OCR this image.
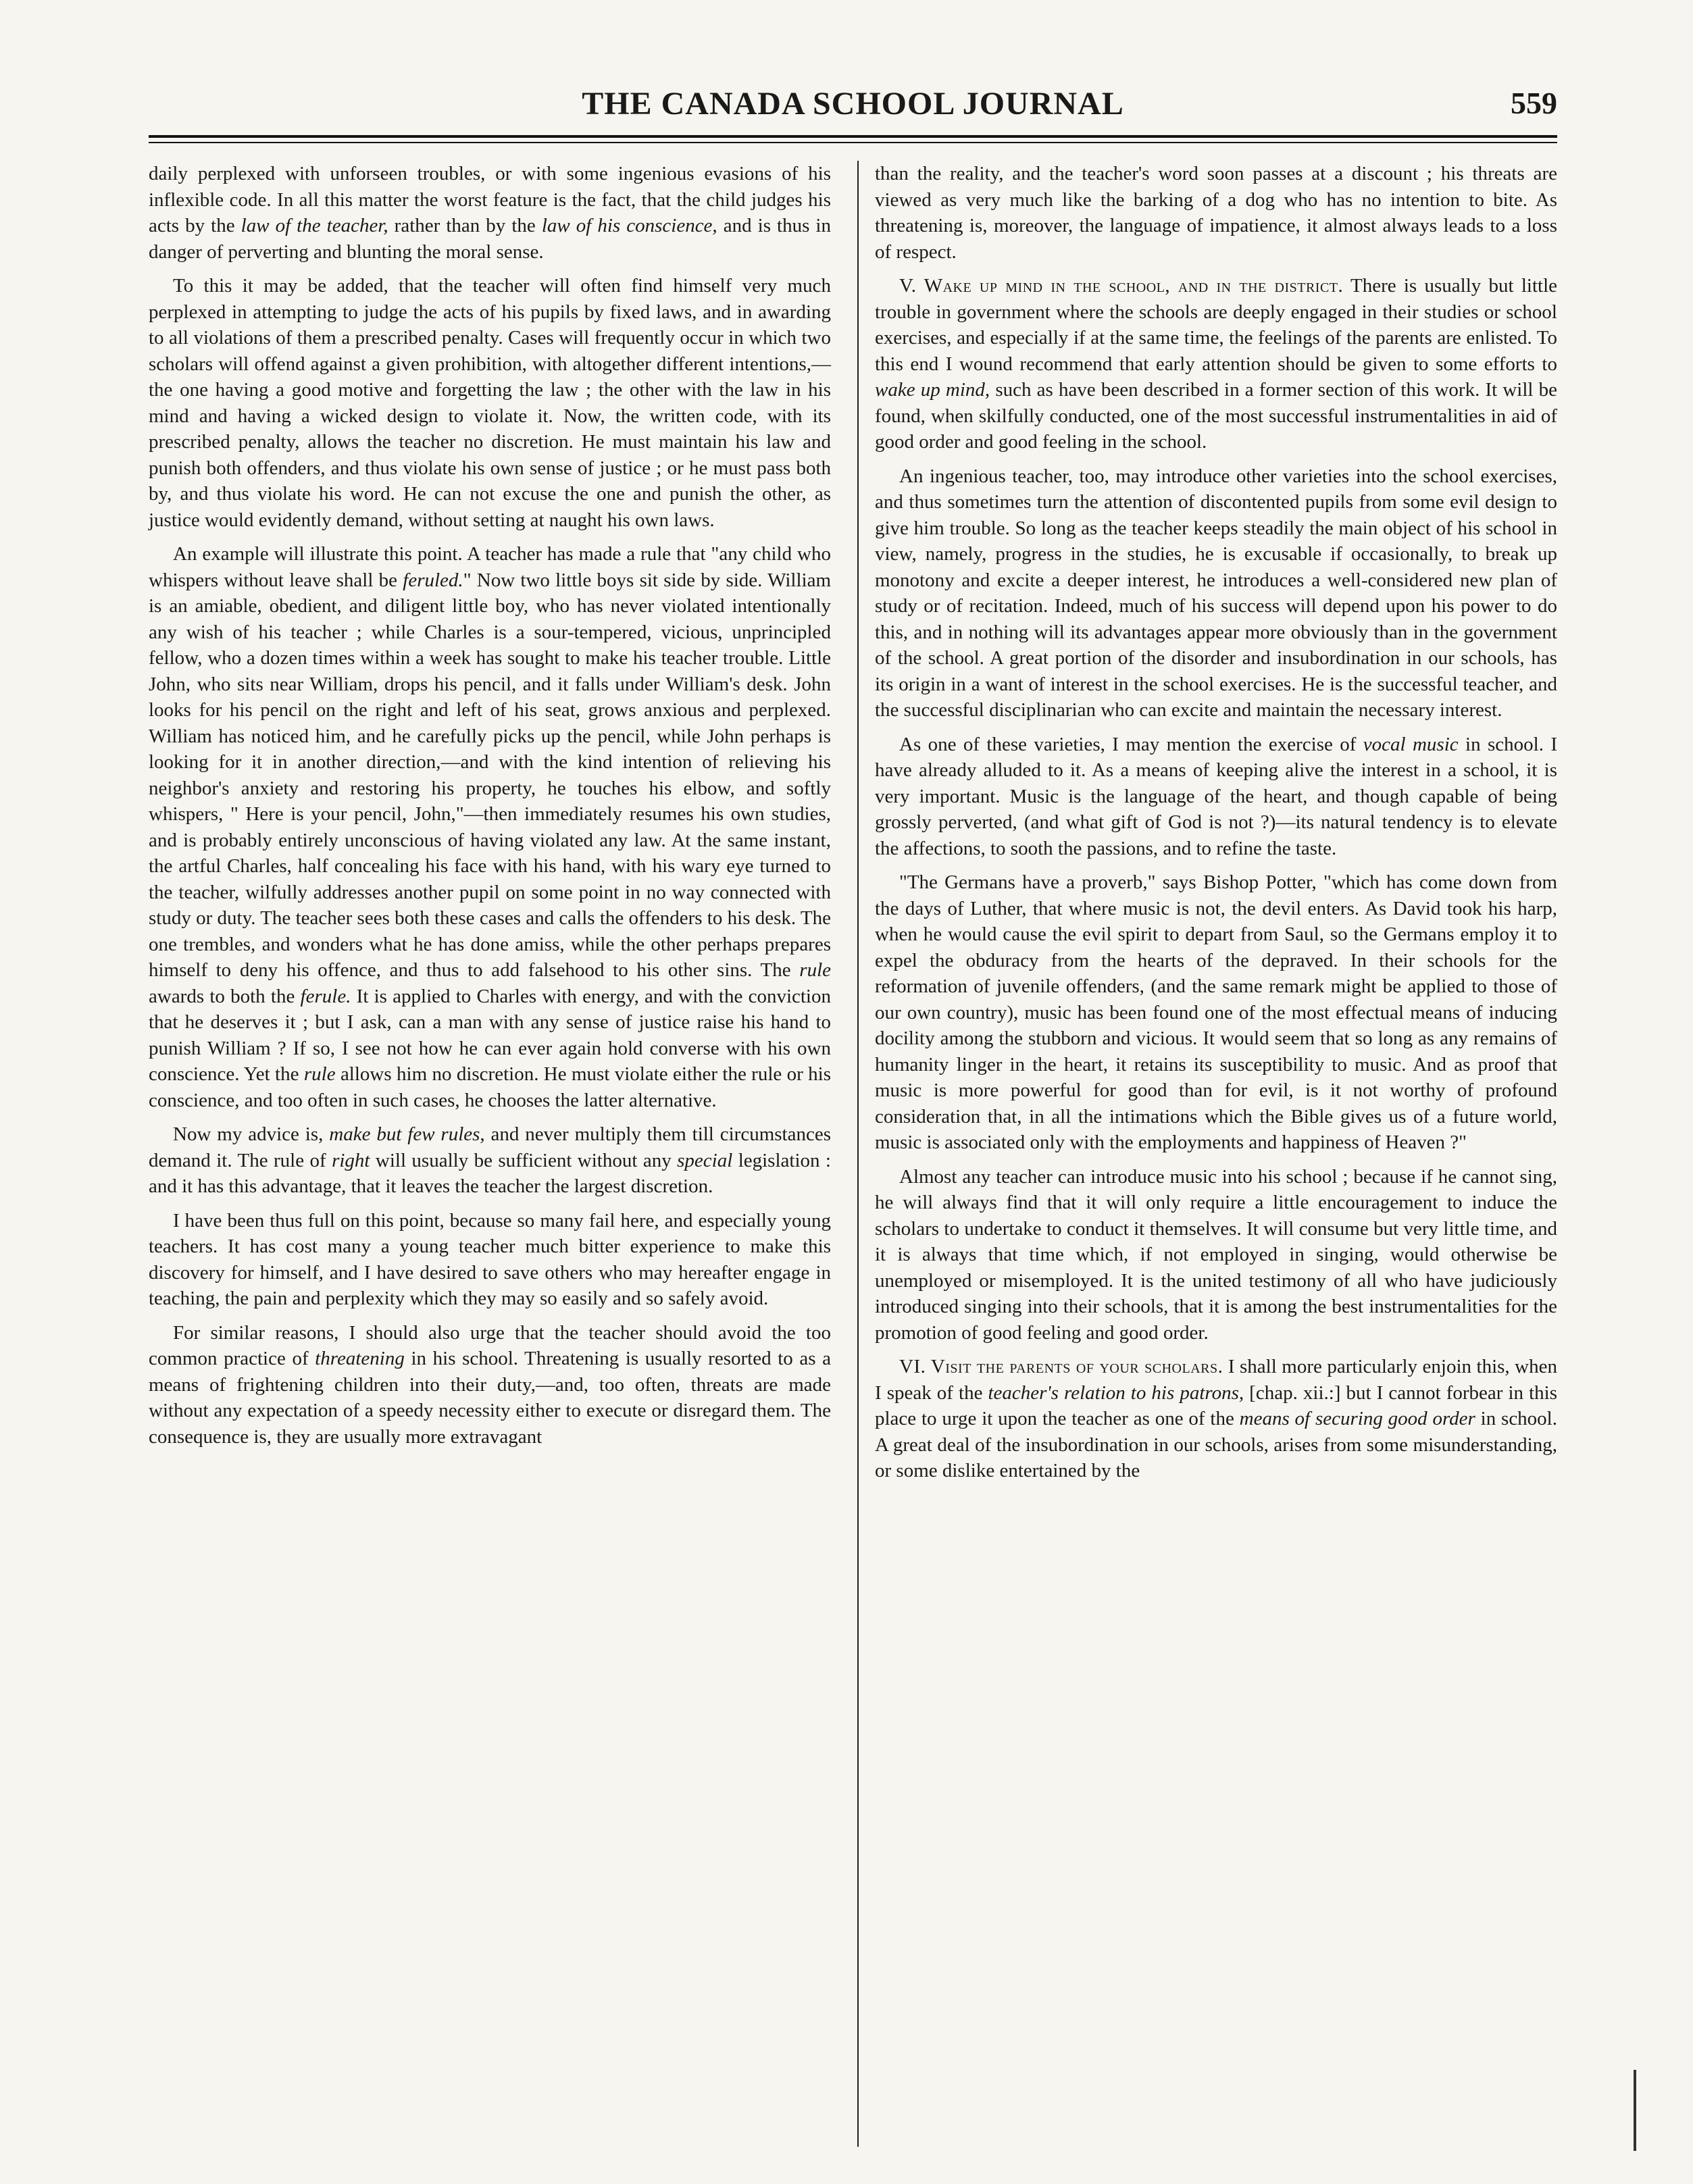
THE CANADA SCHOOL JOURNAL	559

daily perplexed with unforseen troubles, or with some ingenious evasions of his inflexible code. In all this matter the worst feature is the fact, that the child judges his acts by the law of the teacher, rather than by the law of his conscience, and is thus in danger of perverting and blunting the moral sense.

To this it may be added, that the teacher will often find himself very much perplexed in attempting to judge the acts of his pupils by fixed laws, and in awarding to all violations of them a prescribed penalty. Cases will frequently occur in which two scholars will offend against a given prohibition, with altogether different intentions,—the one having a good motive and forgetting the law ; the other with the law in his mind and having a wicked design to violate it. Now, the written code, with its prescribed penalty, allows the teacher no discretion. He must maintain his law and punish both offenders, and thus violate his own sense of justice ; or he must pass both by, and thus violate his word. He can not excuse the one and punish the other, as justice would evidently demand, without setting at naught his own laws.

An example will illustrate this point. A teacher has made a rule that "any child who whispers without leave shall be feruled." Now two little boys sit side by side. William is an amiable, obedient, and diligent little boy, who has never violated intentionally any wish of his teacher ; while Charles is a sour-tempered, vicious, unprincipled fellow, who a dozen times within a week has sought to make his teacher trouble. Little John, who sits near William, drops his pencil, and it falls under William's desk. John looks for his pencil on the right and left of his seat, grows anxious and perplexed. William has noticed him, and he carefully picks up the pencil, while John perhaps is looking for it in another direction,—and with the kind intention of relieving his neighbor's anxiety and restoring his property, he touches his elbow, and softly whispers, " Here is your pencil, John,"—then immediately resumes his own studies, and is probably entirely unconscious of having violated any law. At the same instant, the artful Charles, half concealing his face with his hand, with his wary eye turned to the teacher, wilfully addresses another pupil on some point in no way connected with study or duty. The teacher sees both these cases and calls the offenders to his desk. The one trembles, and wonders what he has done amiss, while the other perhaps prepares himself to deny his offence, and thus to add falsehood to his other sins. The rule awards to both the ferule. It is applied to Charles with energy, and with the conviction that he deserves it ; but I ask, can a man with any sense of justice raise his hand to punish William ? If so, I see not how he can ever again hold converse with his own conscience. Yet the rule allows him no discretion. He must violate either the rule or his conscience, and too often in such cases, he chooses the latter alternative.

Now my advice is, make but few rules, and never multiply them till circumstances demand it. The rule of right will usually be sufficient without any special legislation : and it has this advantage, that it leaves the teacher the largest discretion.

I have been thus full on this point, because so many fail here, and especially young teachers. It has cost many a young teacher much bitter experience to make this discovery for himself, and I have desired to save others who may hereafter engage in teaching, the pain and perplexity which they may so easily and so safely avoid.

For similar reasons, I should also urge that the teacher should avoid the too common practice of threatening in his school. Threatening is usually resorted to as a means of frightening children into their duty,—and, too often, threats are made without any expectation of a speedy necessity either to execute or disregard them. The consequence is, they are usually more extravagant

than the reality, and the teacher's word soon passes at a discount ; his threats are viewed as very much like the barking of a dog who has no intention to bite. As threatening is, moreover, the language of impatience, it almost always leads to a loss of respect.

V. Wake up mind in the school, and in the district. There is usually but little trouble in government where the schools are deeply engaged in their studies or school exercises, and especially if at the same time, the feelings of the parents are enlisted. To this end I wound recommend that early attention should be given to some efforts to wake up mind, such as have been described in a former section of this work. It will be found, when skilfully conducted, one of the most successful instrumentalities in aid of good order and good feeling in the school.

An ingenious teacher, too, may introduce other varieties into the school exercises, and thus sometimes turn the attention of discontented pupils from some evil design to give him trouble. So long as the teacher keeps steadily the main object of his school in view, namely, progress in the studies, he is excusable if occasionally, to break up monotony and excite a deeper interest, he introduces a well-considered new plan of study or of recitation. Indeed, much of his success will depend upon his power to do this, and in nothing will its advantages appear more obviously than in the government of the school. A great portion of the disorder and insubordination in our schools, has its origin in a want of interest in the school exercises. He is the successful teacher, and the successful disciplinarian who can excite and maintain the necessary interest.

As one of these varieties, I may mention the exercise of vocal music in school. I have already alluded to it. As a means of keeping alive the interest in a school, it is very important. Music is the language of the heart, and though capable of being grossly perverted, (and what gift of God is not ?)—its natural tendency is to elevate the affections, to sooth the passions, and to refine the taste.

"The Germans have a proverb," says Bishop Potter, "which has come down from the days of Luther, that where music is not, the devil enters. As David took his harp, when he would cause the evil spirit to depart from Saul, so the Germans employ it to expel the obduracy from the hearts of the depraved. In their schools for the reformation of juvenile offenders, (and the same remark might be applied to those of our own country), music has been found one of the most effectual means of inducing docility among the stubborn and vicious. It would seem that so long as any remains of humanity linger in the heart, it retains its susceptibility to music. And as proof that music is more powerful for good than for evil, is it not worthy of profound consideration that, in all the intimations which the Bible gives us of a future world, music is associated only with the employments and happiness of Heaven ?"

Almost any teacher can introduce music into his school ; because if he cannot sing, he will always find that it will only require a little encouragement to induce the scholars to undertake to conduct it themselves. It will consume but very little time, and it is always that time which, if not employed in singing, would otherwise be unemployed or misemployed. It is the united testimony of all who have judiciously introduced singing into their schools, that it is among the best instrumentalities for the promotion of good feeling and good order.

VI. Visit the parents of your scholars. I shall more particularly enjoin this, when I speak of the teacher's relation to his patrons, [chap. xii.:] but I cannot forbear in this place to urge it upon the teacher as one of the means of securing good order in school. A great deal of the insubordination in our schools, arises from some misunderstanding, or some dislike entertained by the
